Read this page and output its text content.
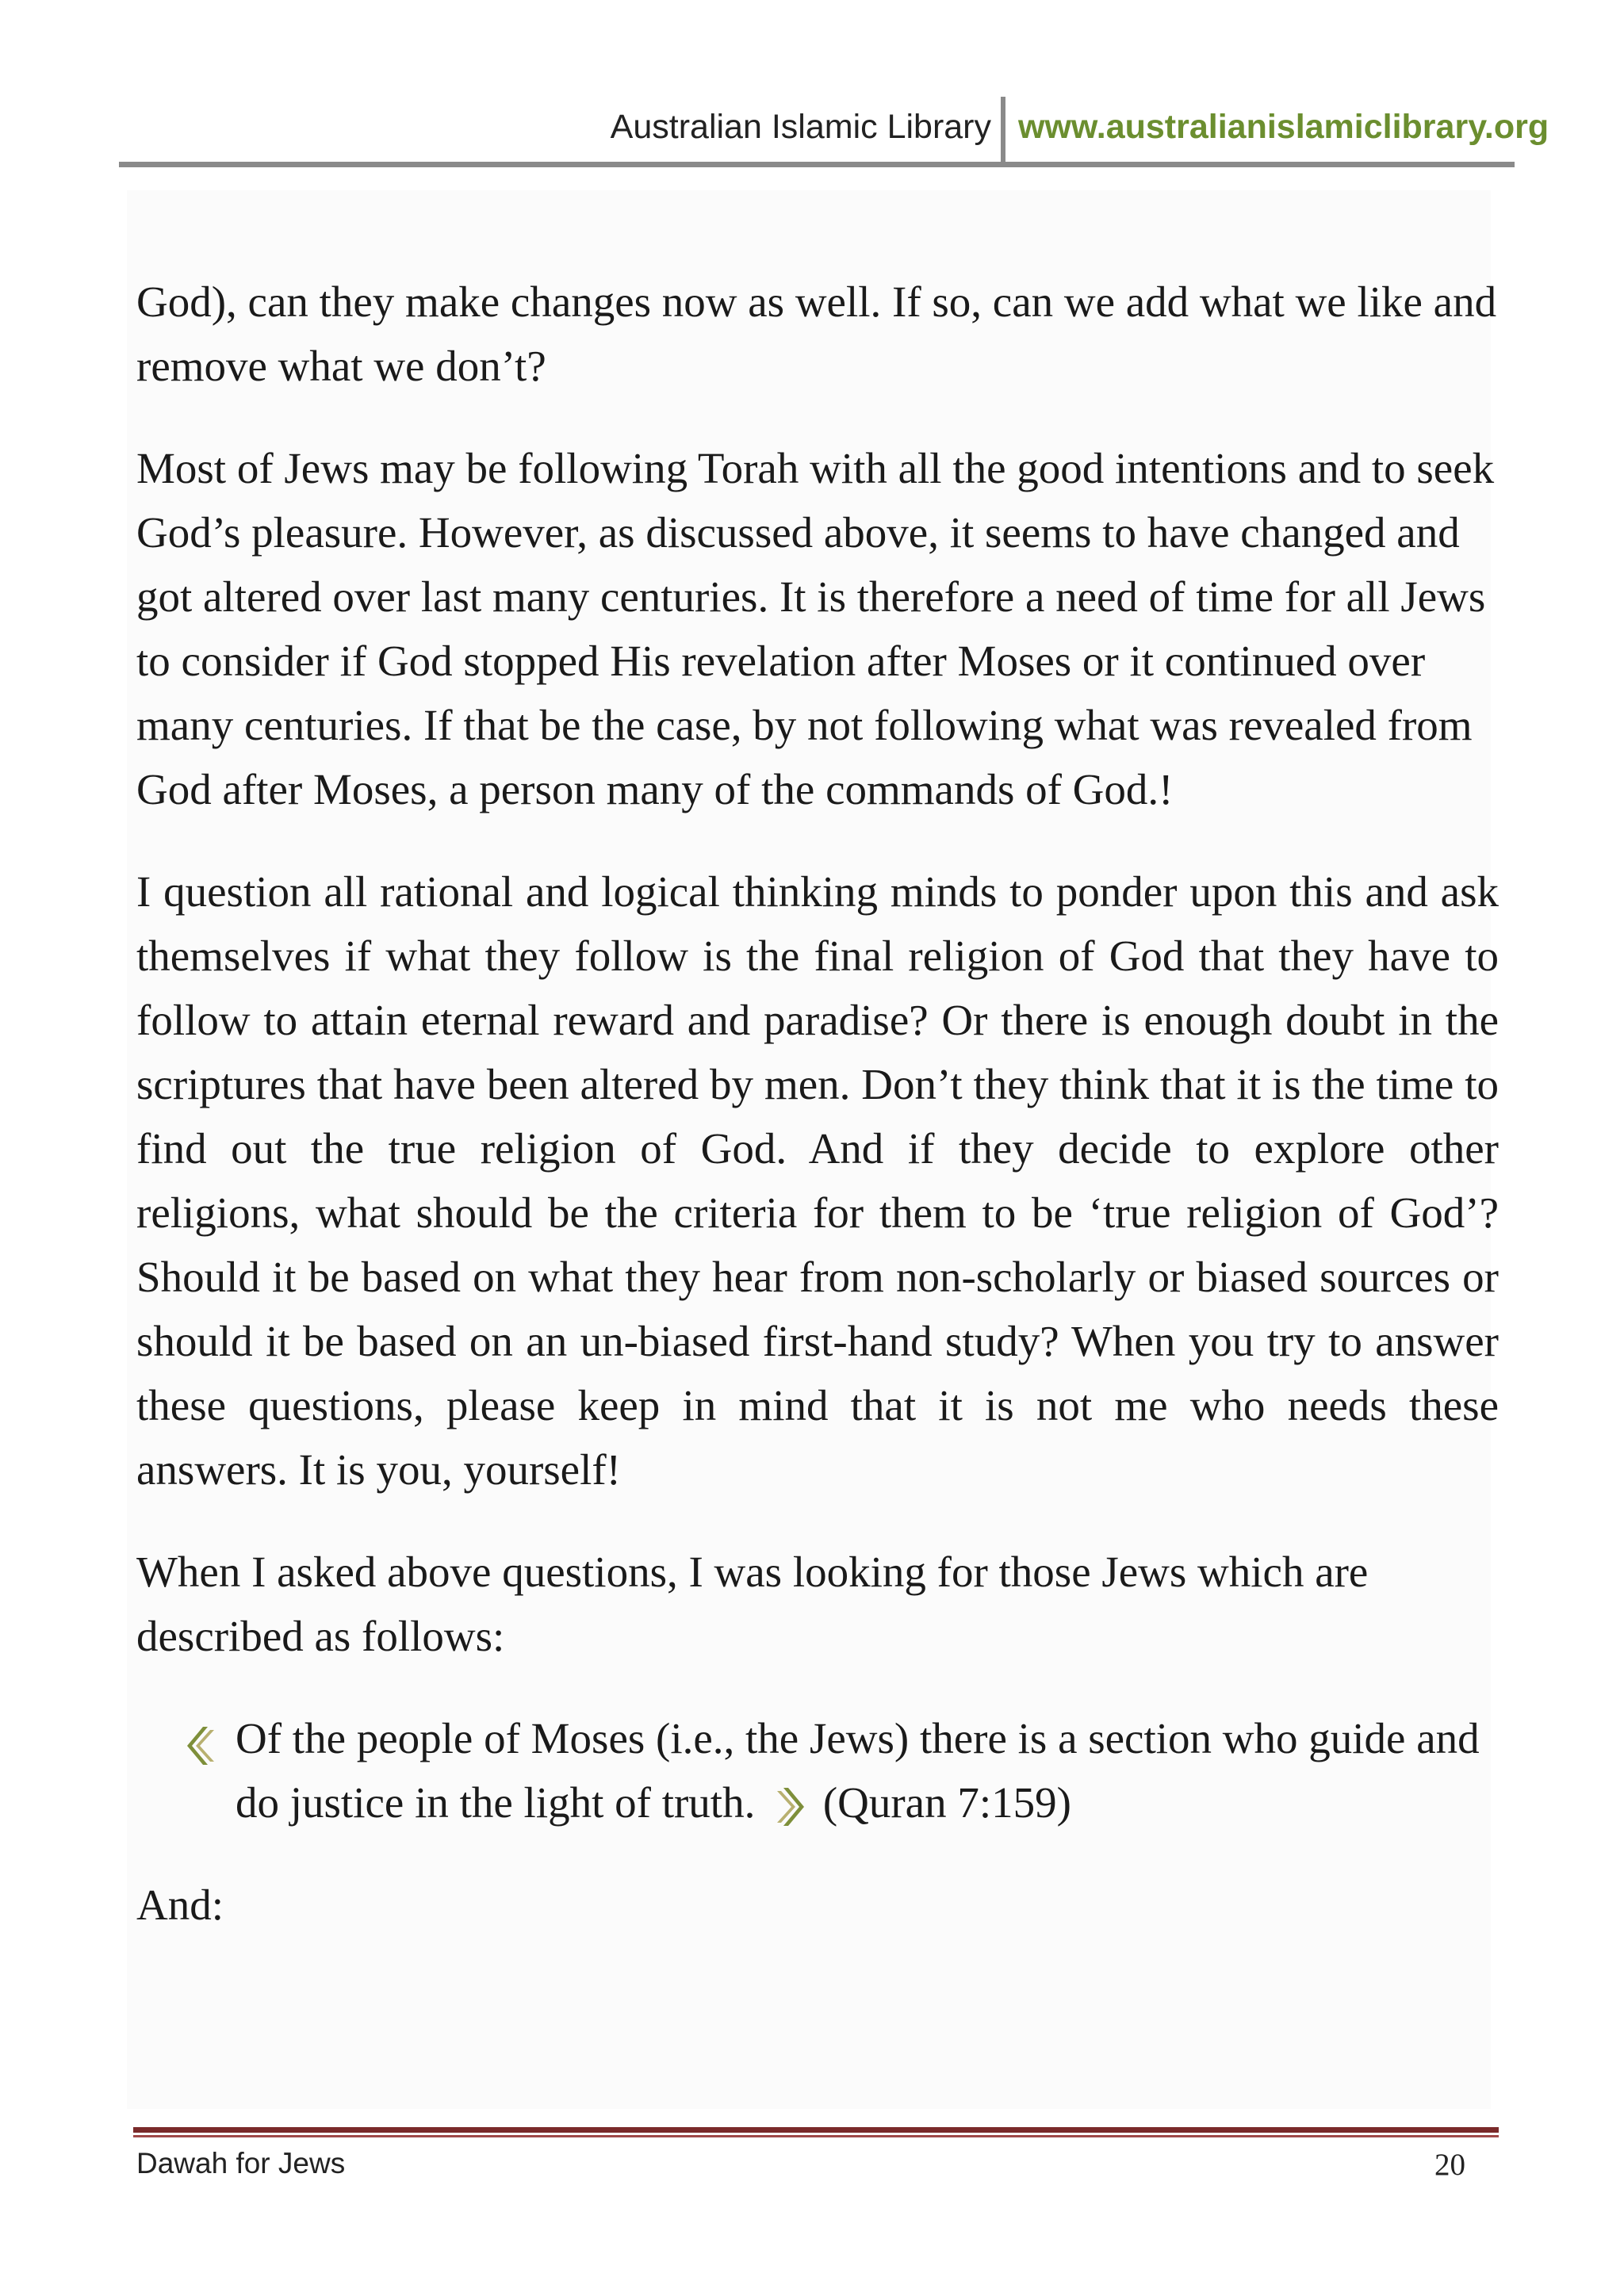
Australian Islamic Library www.australianislamiclibrary.org

God), can they make changes now as well. If so, can we add what we like and remove what we don’t?

Most of Jews may be following Torah with all the good intentions and to seek God’s pleasure. However, as discussed above, it seems to have changed and got altered over last many centuries. It is therefore a need of time for all Jews to consider if God stopped His revelation after Moses or it continued over many centuries. If that be the case, by not following what was revealed from God after Moses, a person many of the commands of God.!

I question all rational and logical thinking minds to ponder upon this and ask themselves if what they follow is the final religion of God that they have to follow to attain eternal reward and paradise? Or there is enough doubt in the scriptures that have been altered by men. Don’t they think that it is the time to find out the true religion of God. And if they decide to explore other religions, what should be the criteria for them to be ‘true religion of God’? Should it be based on what they hear from non-scholarly or biased sources or should it be based on an un-biased first-hand study? When you try to answer these questions, please keep in mind that it is not me who needs these answers. It is you, yourself!

When I asked above questions, I was looking for those Jews which are described as follows:

Of the people of Moses (i.e., the Jews) there is a section who guide and do justice in the light of truth. (Quran 7:159)

And:

Dawah for Jews	20
